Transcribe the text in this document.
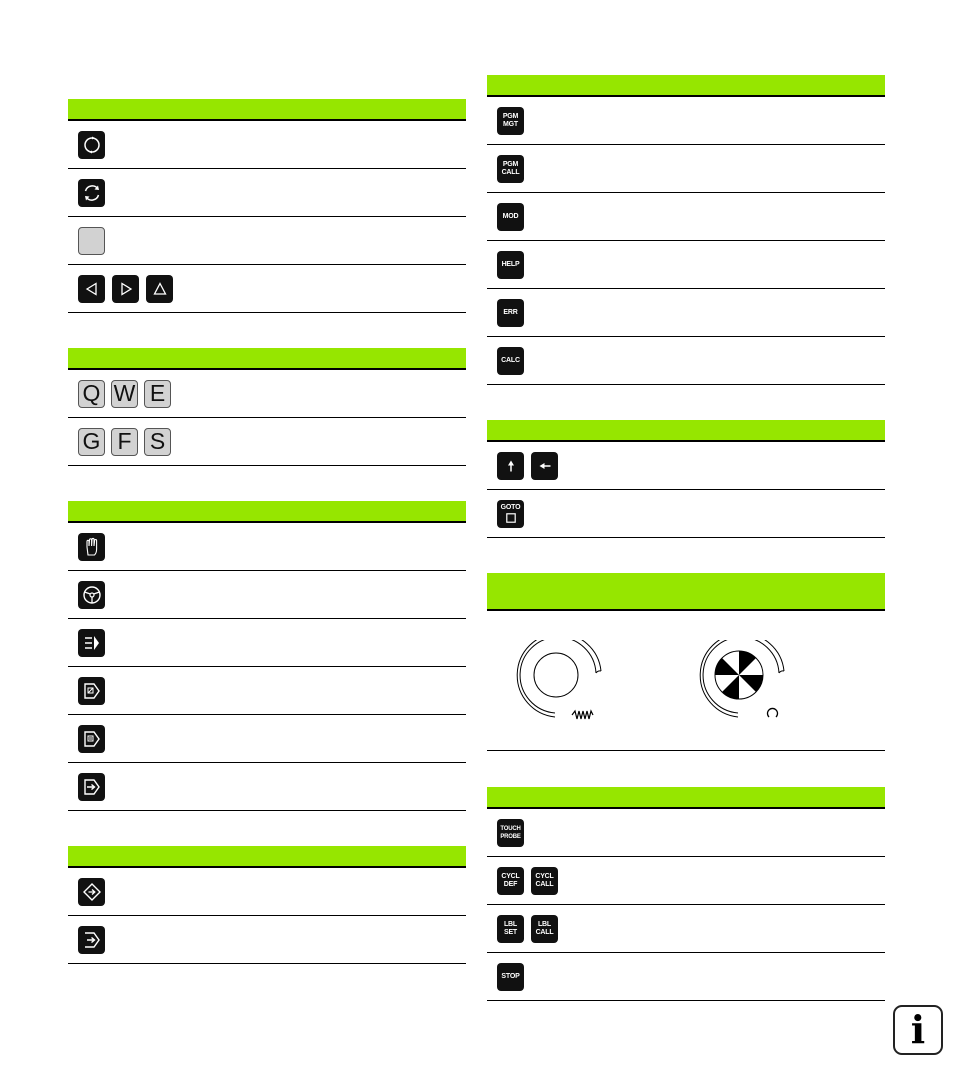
Q W E
G F S
PGM
MGT
PGM
CALL
MOD
HELP
ERR
CALC
GOTO
TOUCH
PROBE
CYCL
DEF
CYCL
CALL
LBL
SET
LBL
CALL
STOP
i
